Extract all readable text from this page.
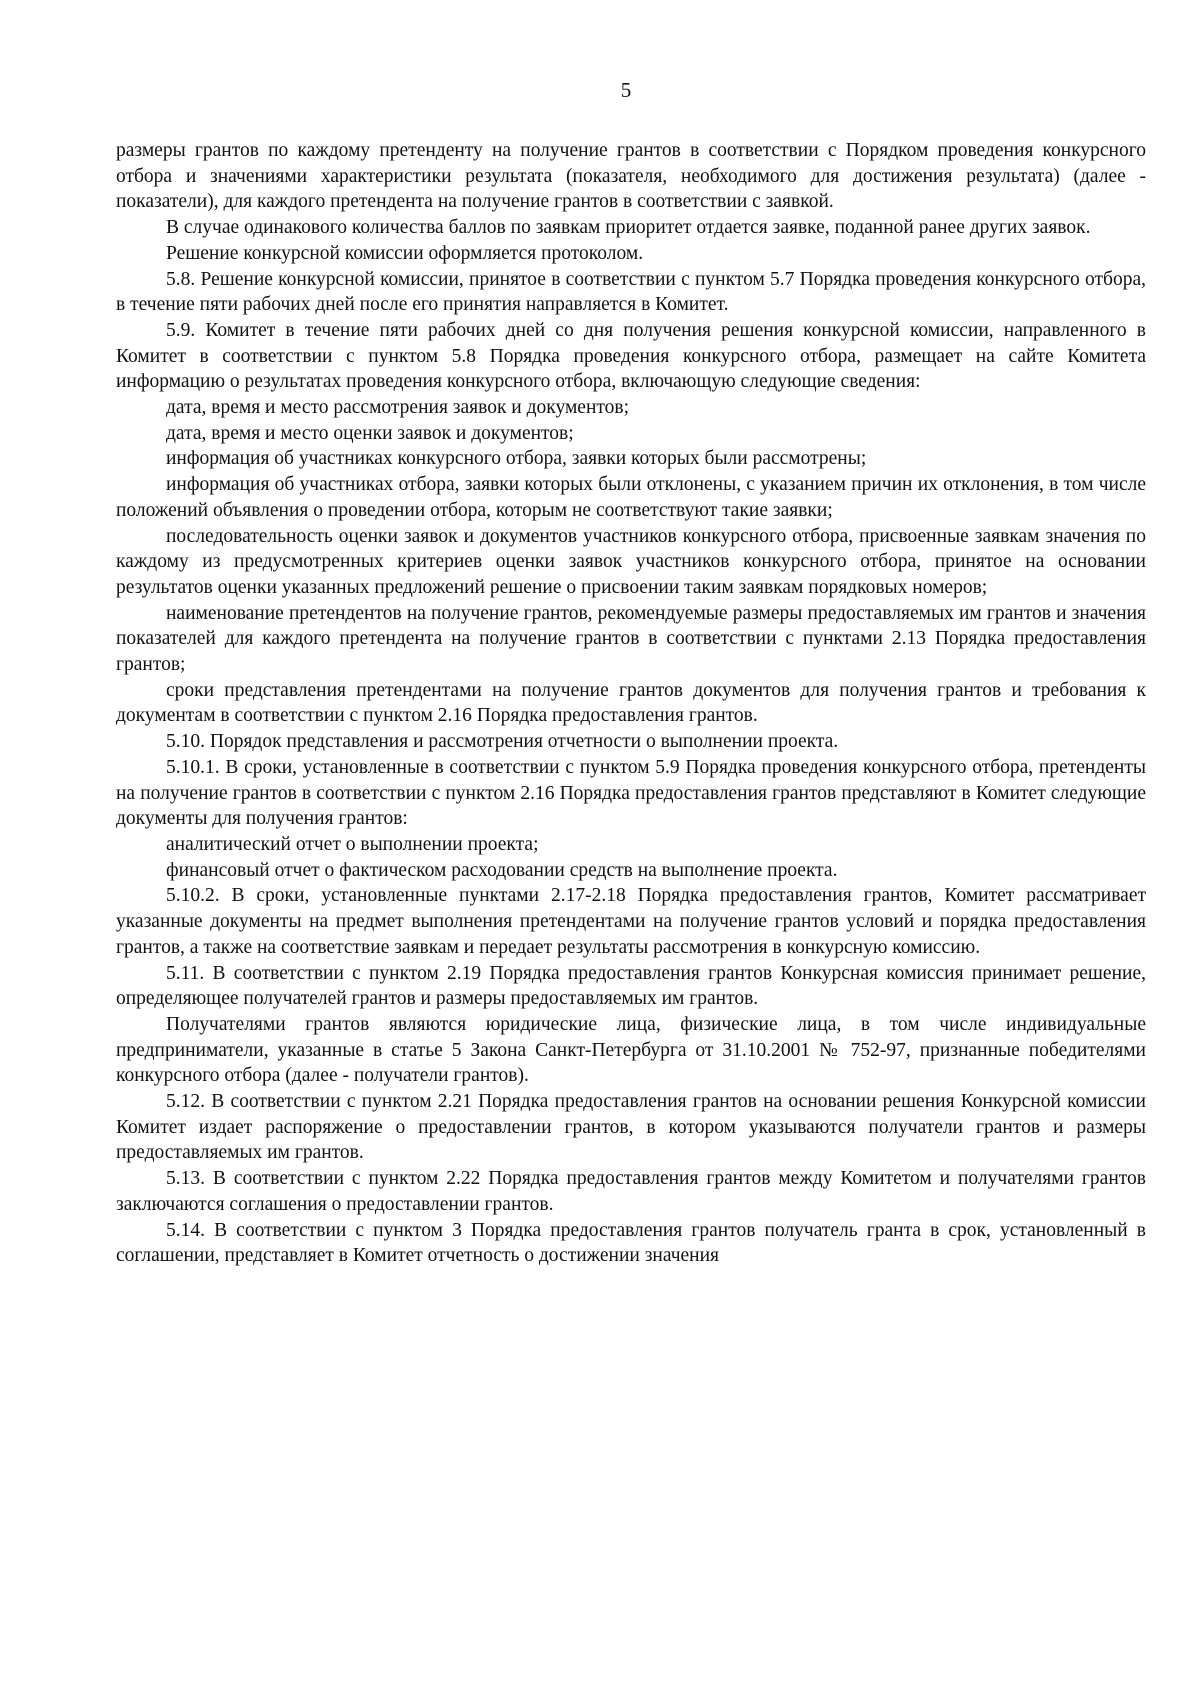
5

размеры грантов по каждому претенденту на получение грантов в соответствии с Порядком проведения конкурсного отбора и значениями характеристики результата (показателя, необходимого для достижения результата) (далее - показатели), для каждого претендента на получение грантов в соответствии с заявкой.

В случае одинакового количества баллов по заявкам приоритет отдается заявке, поданной ранее других заявок.

Решение конкурсной комиссии оформляется протоколом.

5.8. Решение конкурсной комиссии, принятое в соответствии с пунктом 5.7 Порядка проведения конкурсного отбора, в течение пяти рабочих дней после его принятия направляется в Комитет.

5.9. Комитет в течение пяти рабочих дней со дня получения решения конкурсной комиссии, направленного в Комитет в соответствии с пунктом 5.8 Порядка проведения конкурсного отбора, размещает на сайте Комитета информацию о результатах проведения конкурсного отбора, включающую следующие сведения:

дата, время и место рассмотрения заявок и документов;

дата, время и место оценки заявок и документов;

информация об участниках конкурсного отбора, заявки которых были рассмотрены;

информация об участниках отбора, заявки которых были отклонены, с указанием причин их отклонения, в том числе положений объявления о проведении отбора, которым не соответствуют такие заявки;

последовательность оценки заявок и документов участников конкурсного отбора, присвоенные заявкам значения по каждому из предусмотренных критериев оценки заявок участников конкурсного отбора, принятое на основании результатов оценки указанных предложений решение о присвоении таким заявкам порядковых номеров;

наименование претендентов на получение грантов, рекомендуемые размеры предоставляемых им грантов и значения показателей для каждого претендента на получение грантов в соответствии с пунктами 2.13 Порядка предоставления грантов;

сроки представления претендентами на получение грантов документов для получения грантов и требования к документам в соответствии с пунктом 2.16 Порядка предоставления грантов.

5.10. Порядок представления и рассмотрения отчетности о выполнении проекта.

5.10.1. В сроки, установленные в соответствии с пунктом 5.9 Порядка проведения конкурсного отбора, претенденты на получение грантов в соответствии с пунктом 2.16 Порядка предоставления грантов представляют в Комитет следующие документы для получения грантов:

аналитический отчет о выполнении проекта;

финансовый отчет о фактическом расходовании средств на выполнение проекта.

5.10.2. В сроки, установленные пунктами 2.17-2.18 Порядка предоставления грантов, Комитет рассматривает указанные документы на предмет выполнения претендентами на получение грантов условий и порядка предоставления грантов, а также на соответствие заявкам и передает результаты рассмотрения в конкурсную комиссию.

5.11. В соответствии с пунктом 2.19 Порядка предоставления грантов Конкурсная комиссия принимает решение, определяющее получателей грантов и размеры предоставляемых им грантов.

Получателями грантов являются юридические лица, физические лица, в том числе индивидуальные предприниматели, указанные в статье 5 Закона Санкт-Петербурга от 31.10.2001 № 752-97, признанные победителями конкурсного отбора (далее - получатели грантов).

5.12. В соответствии с пунктом 2.21 Порядка предоставления грантов на основании решения Конкурсной комиссии Комитет издает распоряжение о предоставлении грантов, в котором указываются получатели грантов и размеры предоставляемых им грантов.

5.13. В соответствии с пунктом 2.22 Порядка предоставления грантов между Комитетом и получателями грантов заключаются соглашения о предоставлении грантов.

5.14. В соответствии с пунктом 3 Порядка предоставления грантов получатель гранта в срок, установленный в соглашении, представляет в Комитет отчетность о достижении значения
